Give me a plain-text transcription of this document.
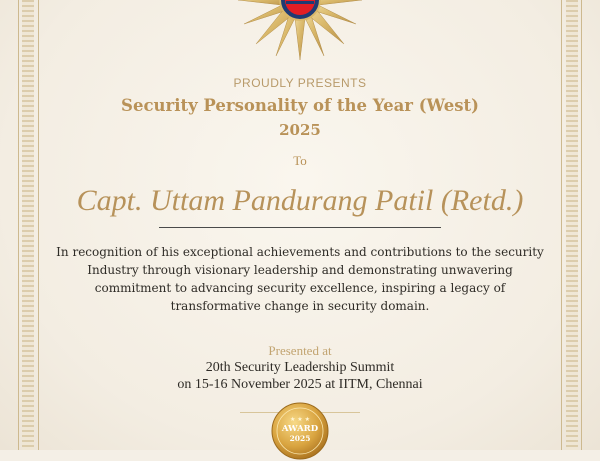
PROUDLY PRESENTS

Security Personality of the Year (West)

2025

To

Capt. Uttam Pandurang Patil (Retd.)

In recognition of his exceptional achievements and contributions to the security Industry through visionary leadership and demonstrating unwavering commitment to advancing security excellence, inspiring a legacy of transformative change in security domain.

Presented at

20th Security Leadership Summit

on 15-16 November 2025 at IITM, Chennai

AWARD
2025
★ ★ ★
